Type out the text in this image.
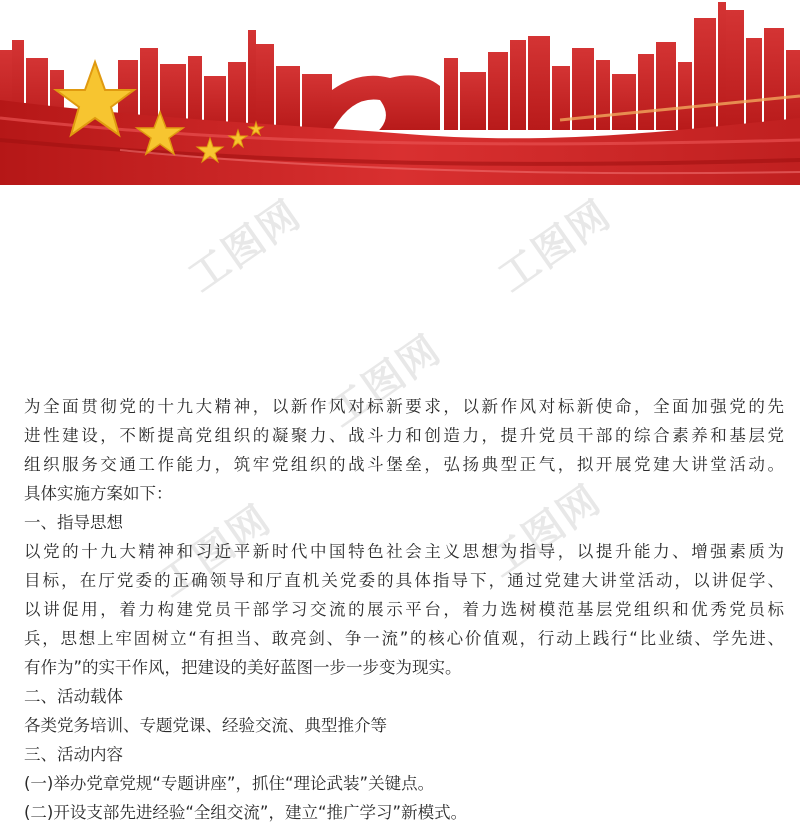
工图网	工图网
工图网
工图网	工图网
为全面贯彻党的十九大精神，以新作风对标新要求，以新作风对标新使命，全面加强党的先
进性建设，不断提高党组织的凝聚力、战斗力和创造力，提升党员干部的综合素养和基层党
组织服务交通工作能力，筑牢党组织的战斗堡垒，弘扬典型正气，拟开展党建大讲堂活动。
具体实施方案如下：
一、指导思想
以党的十九大精神和习近平新时代中国特色社会主义思想为指导，以提升能力、增强素质为
目标，在厅党委的正确领导和厅直机关党委的具体指导下，通过党建大讲堂活动，以讲促学、
以讲促用，着力构建党员干部学习交流的展示平台，着力选树模范基层党组织和优秀党员标
兵，思想上牢固树立“有担当、敢亮剑、争一流”的核心价值观，行动上践行“比业绩、学先进、
有作为”的实干作风，把建设的美好蓝图一步一步变为现实。
二、活动载体
各类党务培训、专题党课、经验交流、典型推介等
三、活动内容
(一)举办党章党规“专题讲座”，抓住“理论武装”关键点。
(二)开设支部先进经验“全组交流”，建立“推广学习”新模式。
